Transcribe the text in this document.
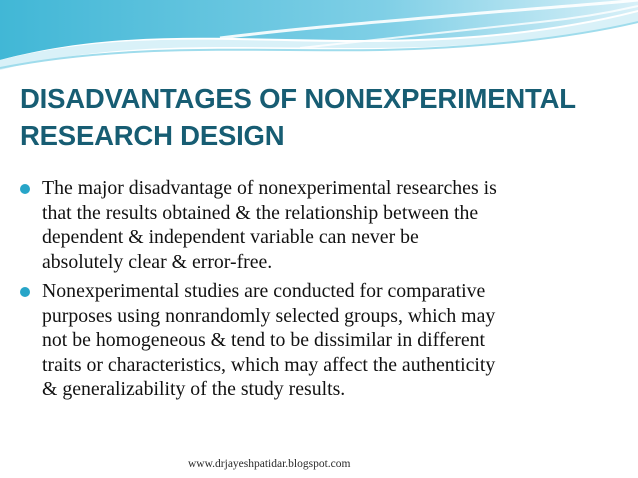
DISADVANTAGES OF NONEXPERIMENTAL
RESEARCH DESIGN
The major disadvantage of nonexperimental researches is
that the results obtained & the relationship between the
dependent & independent variable can never be
absolutely clear & error-free.
Nonexperimental studies are conducted for comparative
purposes using nonrandomly selected groups, which may
not be homogeneous & tend to be dissimilar in different
traits or characteristics, which may affect the authenticity
& generalizability of the study results.
www.drjayeshpatidar.blogspot.com
